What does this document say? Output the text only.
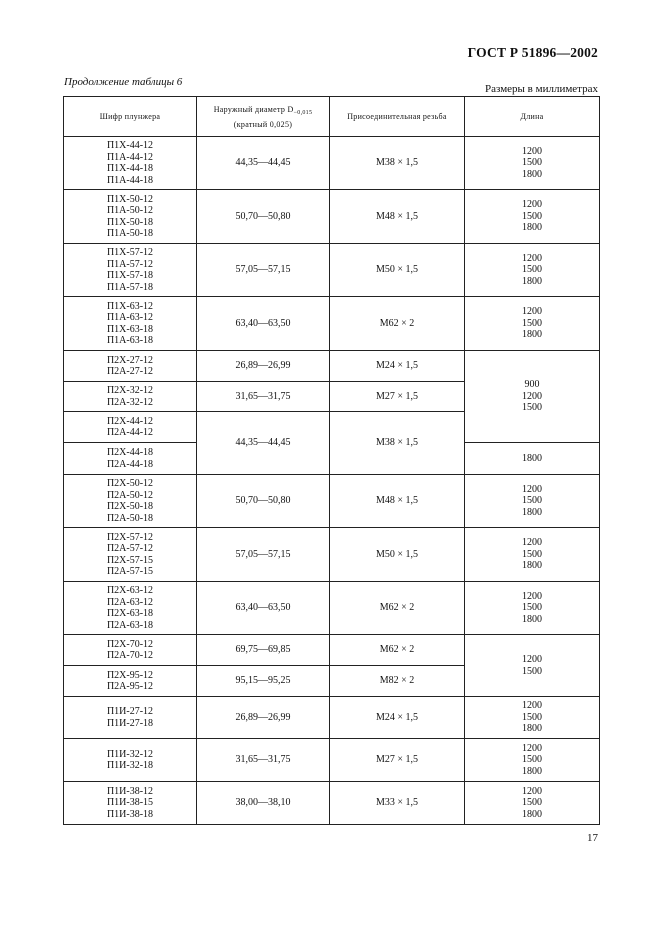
ГОСТ Р 51896—2002
Продолжение таблицы 6
Размеры в миллиметрах
Шифр плунжера	Наружный диаметр $D_{-0,015}$
(кратный 0,025)	Присоединительная резьба	Длина

П1Х-44-12
П1А-44-12
П1Х-44-18
П1А-44-18	44,35—44,45	М38 × 1,5	1200
1500
1800

П1Х-50-12
П1А-50-12
П1Х-50-18
П1А-50-18	50,70—50,80	М48 × 1,5	1200
1500
1800

П1Х-57-12
П1А-57-12
П1Х-57-18
П1А-57-18	57,05—57,15	М50 × 1,5	1200
1500
1800

П1Х-63-12
П1А-63-12
П1Х-63-18
П1А-63-18	63,40—63,50	М62 × 2	1200
1500
1800

П2Х-27-12
П2А-27-12	26,89—26,99	М24 × 1,5	900
1200
1500

П2Х-32-12
П2А-32-12	31,65—31,75	М27 × 1,5	

П2Х-44-12
П2А-44-12	44,35—44,45	М38 × 1,5	

П2Х-44-18
П2А-44-18			1800

П2Х-50-12
П2А-50-12
П2Х-50-18
П2А-50-18	50,70—50,80	М48 × 1,5	1200
1500
1800

П2Х-57-12
П2А-57-12
П2Х-57-15
П2А-57-15	57,05—57,15	М50 × 1,5	1200
1500
1800

П2Х-63-12
П2А-63-12
П2Х-63-18
П2А-63-18	63,40—63,50	М62 × 2	1200
1500
1800

П2Х-70-12
П2А-70-12	69,75—69,85	М62 × 2	1200
1500

П2Х-95-12
П2А-95-12	95,15—95,25	М82 × 2	

П1И-27-12
П1И-27-18	26,89—26,99	М24 × 1,5	1200
1500
1800

П1И-32-12
П1И-32-18	31,65—31,75	М27 × 1,5	1200
1500
1800

П1И-38-12
П1И-38-15
П1И-38-18	38,00—38,10	М33 × 1,5	1200
1500
1800
17
